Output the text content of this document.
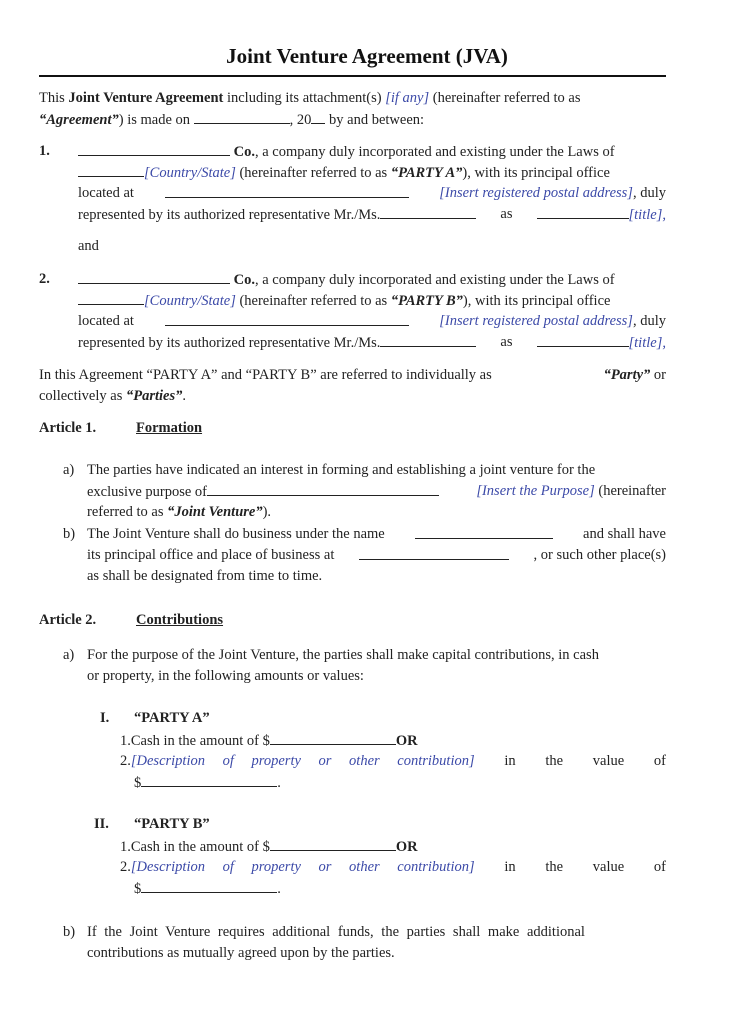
Joint Venture Agreement (JVA)
This Joint Venture Agreement including its attachment(s) [if any] (hereinafter referred to as
“Agreement”) is made on	, 20 by and between:
1.	Co., a company duly incorporated and existing under the Laws of
[Country/State] (hereinafter referred to as “PARTY A”), with its principal office
located at	[Insert registered postal address], duly
represented by its authorized representative Mr./Ms.	as	[title],
and
2.	Co., a company duly incorporated and existing under the Laws of
[Country/State] (hereinafter referred to as “PARTY B”), with its principal office
located at	[Insert registered postal address], duly
represented by its authorized representative Mr./Ms.	as	[title],
In this Agreement “PARTY A” and “PARTY B” are referred to individually as	“Party” or
collectively as “Parties”.
Article 1.	Formation
a) The parties have indicated an interest in forming and establishing a joint venture for the
exclusive purpose of	[Insert the Purpose] (hereinafter
referred to as “Joint Venture”).
b) The Joint Venture shall do business under the name	and shall have
its principal office and place of business at	, or such other place(s)
as shall be designated from time to time.
Article 2.	Contributions
a) For the purpose of the Joint Venture, the parties shall make capital contributions, in cash
or property, in the following amounts or values:
I. “PARTY A”
1.Cash in the amount of $	OR
2.[Description of property or other contribution] in the value of
$	.
II. “PARTY B”
1.Cash in the amount of $	OR
2.[Description of property or other contribution] in the value of
$	.
b) If the Joint Venture requires additional funds, the parties shall make additional
contributions as mutually agreed upon by the parties.
